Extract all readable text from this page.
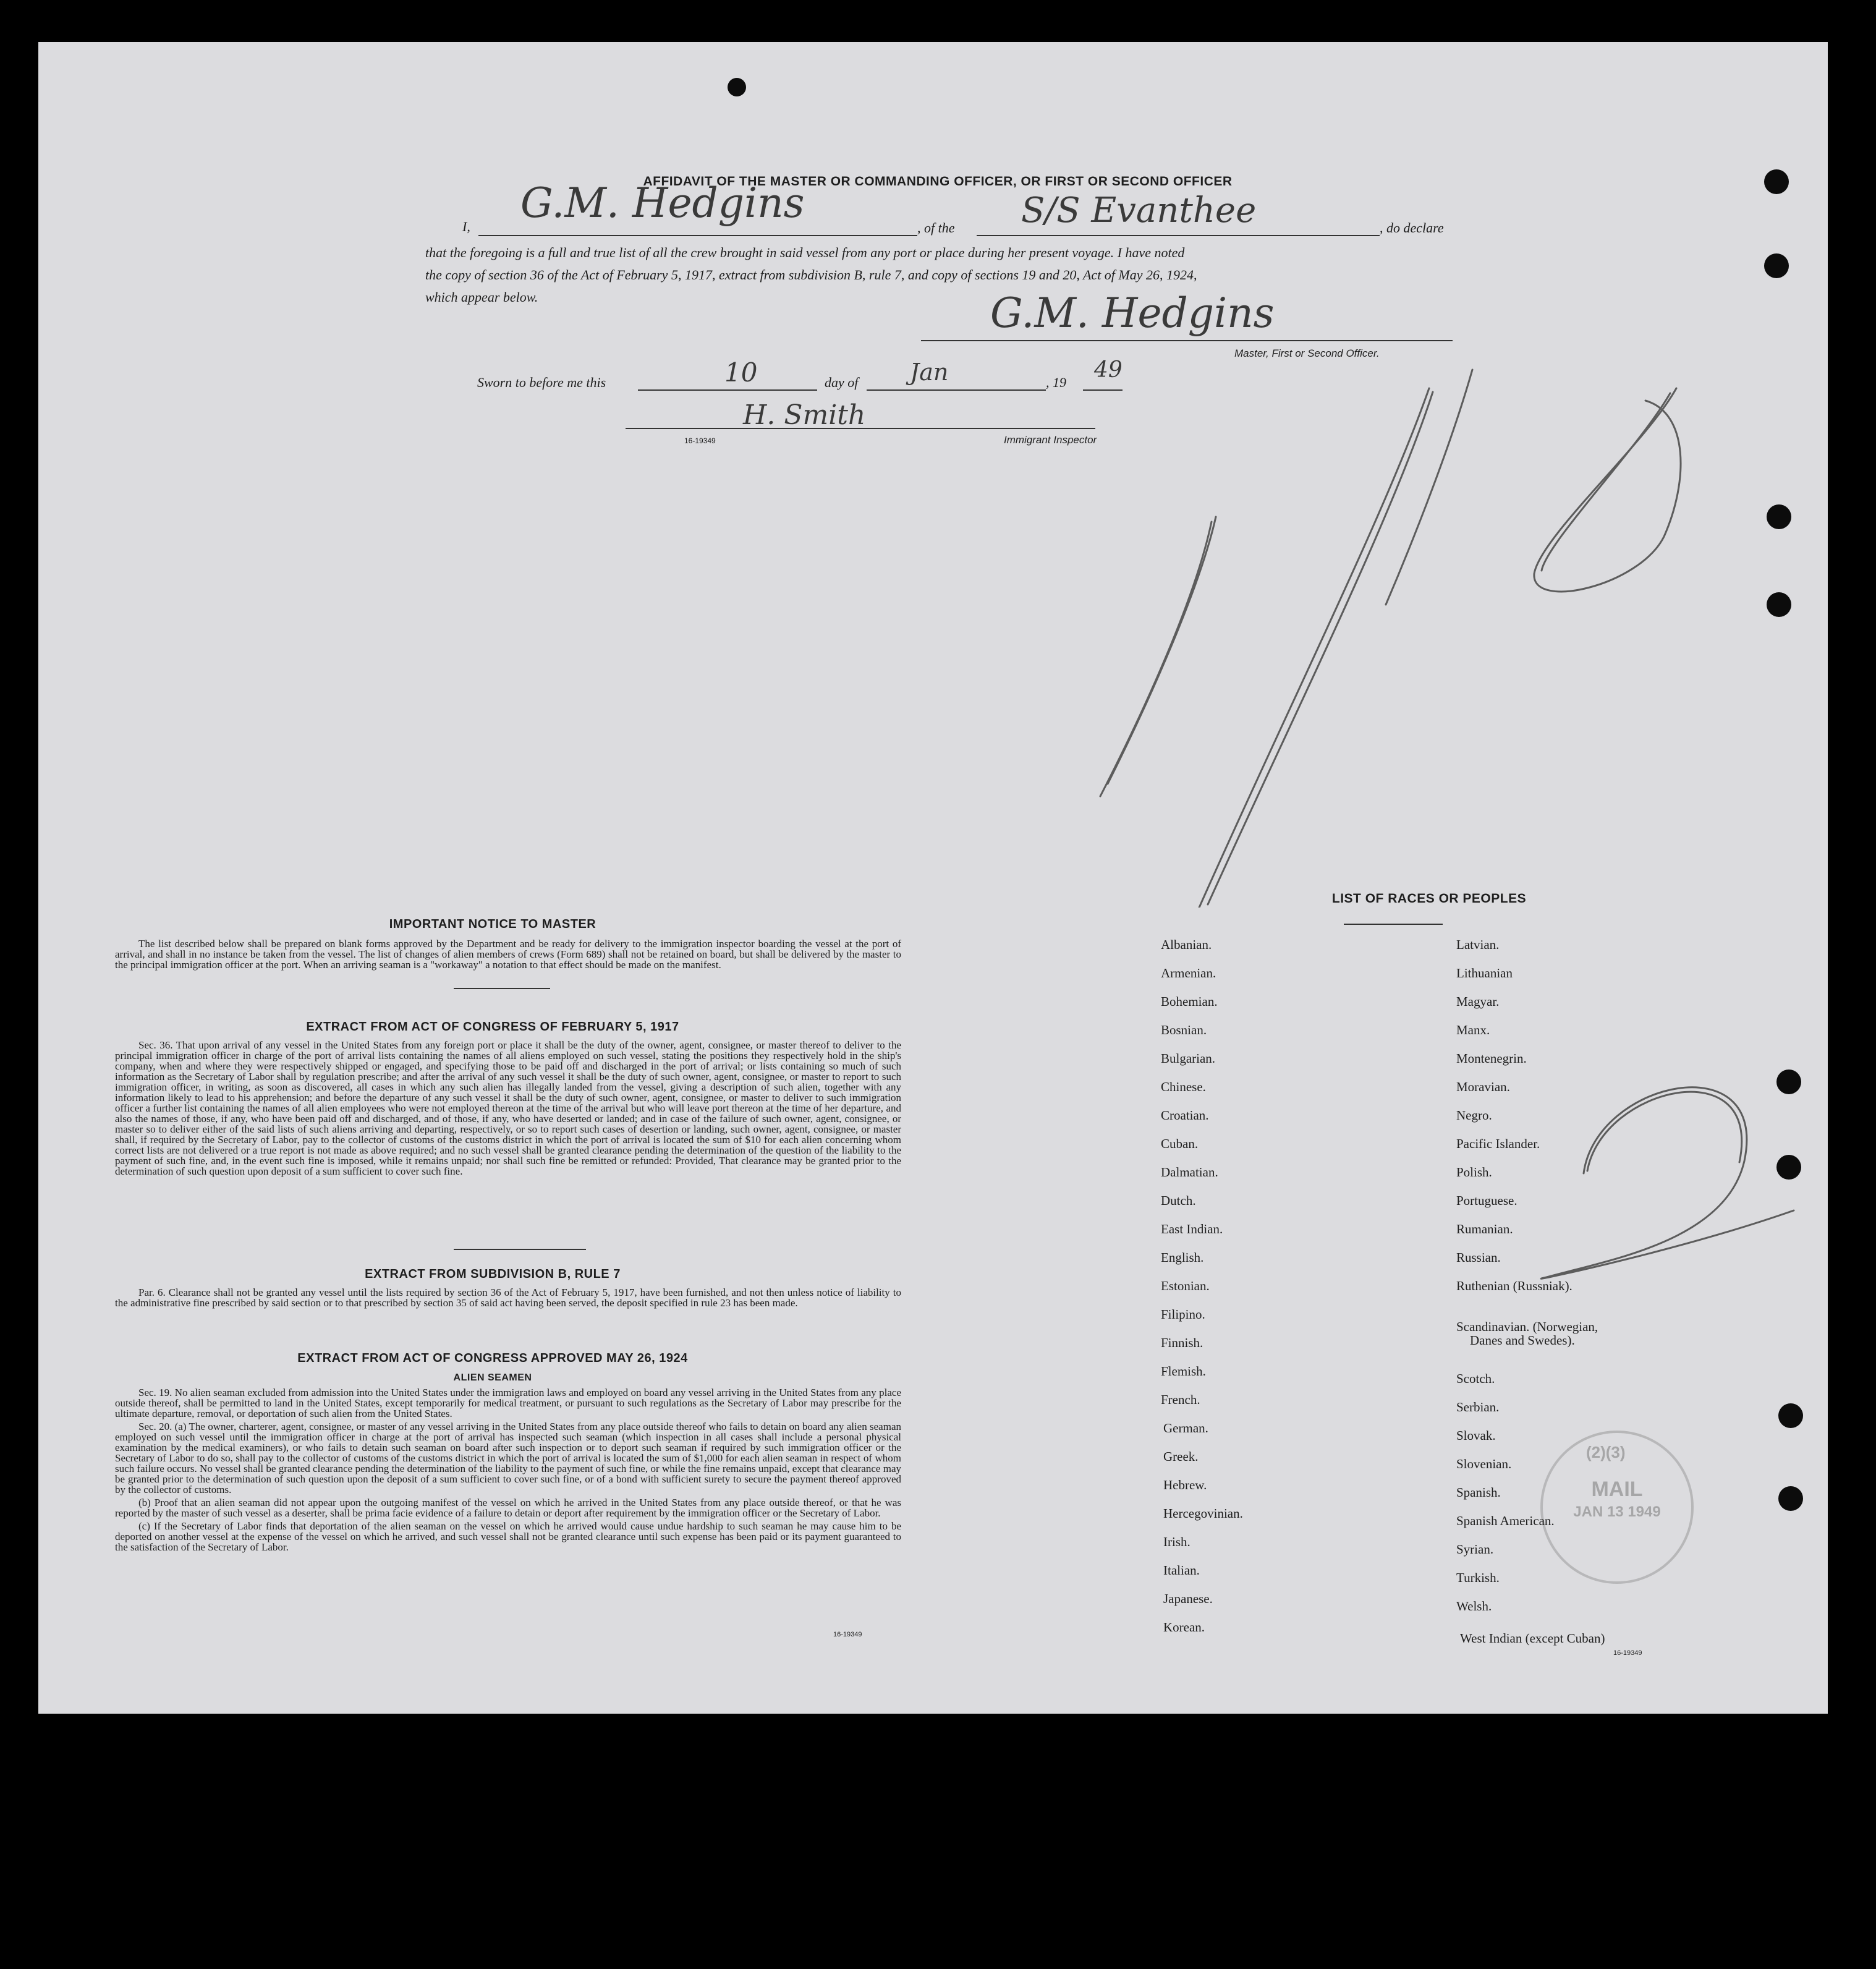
AFFIDAVIT OF THE MASTER OR COMMANDING OFFICER, OR FIRST OR SECOND OFFICER
I, G.M. Hedgins
, of the S/S Evanthee	, do declare
that the foregoing is a full and true list of all the crew brought in said vessel from any port or place during her present voyage. I have noted
the copy of section 36 of the Act of February 5, 1917, extract from subdivision B, rule 7, and copy of sections 19 and 20, Act of May 26, 1924,
which appear below.	G.M. Hedgins
Master, First or Second Officer.
Sworn to before me this	10	day of Jan	, 19 49
H. Smith
16-19349	Immigrant Inspector
IMPORTANT NOTICE TO MASTER

The list described below shall be prepared on blank forms approved by the Department and be ready for delivery to the immigration inspector boarding the vessel at the port of arrival, and shall in no instance be taken from the vessel. The list of changes of alien members of crews (Form 689) shall not be retained on board, but shall be delivered by the master to the principal immigration officer at the port. When an arriving seaman is a "workaway" a notation to that effect should be made on the manifest.

EXTRACT FROM ACT OF CONGRESS OF FEBRUARY 5, 1917

Sec. 36. That upon arrival of any vessel in the United States from any foreign port or place it shall be the duty of the owner, agent, consignee, or master thereof to deliver to the principal immigration officer in charge of the port of arrival lists containing the names of all aliens employed on such vessel, stating the positions they respectively hold in the ship's company, when and where they were respectively shipped or engaged, and specifying those to be paid off and discharged in the port of arrival; or lists containing so much of such information as the Secretary of Labor shall by regulation prescribe; and after the arrival of any such vessel it shall be the duty of such owner, agent, consignee, or master to report to such immigration officer, in writing, as soon as discovered, all cases in which any such alien has illegally landed from the vessel, giving a description of such alien, together with any information likely to lead to his apprehension; and before the departure of any such vessel it shall be the duty of such owner, agent, consignee, or master to deliver to such immigration officer a further list containing the names of all alien employees who were not employed thereon at the time of the arrival but who will leave port thereon at the time of her departure, and also the names of those, if any, who have been paid off and discharged, and of those, if any, who have deserted or landed; and in case of the failure of such owner, agent, consignee, or master so to deliver either of the said lists of such aliens arriving and departing, respectively, or so to report such cases of desertion or landing, such owner, agent, consignee, or master shall, if required by the Secretary of Labor, pay to the collector of customs of the customs district in which the port of arrival is located the sum of $10 for each alien concerning whom correct lists are not delivered or a true report is not made as above required; and no such vessel shall be granted clearance pending the determination of the question of the liability to the payment of such fine, and, in the event such fine is imposed, while it remains unpaid; nor shall such fine be remitted or refunded: Provided, That clearance may be granted prior to the determination of such question upon deposit of a sum sufficient to cover such fine.

EXTRACT FROM SUBDIVISION B, RULE 7

Par. 6. Clearance shall not be granted any vessel until the lists required by section 36 of the Act of February 5, 1917, have been furnished, and not then unless notice of liability to the administrative fine prescribed by said section or to that prescribed by section 35 of said act having been served, the deposit specified in rule 23 has been made.

EXTRACT FROM ACT OF CONGRESS APPROVED MAY 26, 1924
ALIEN SEAMEN

Sec. 19. No alien seaman excluded from admission into the United States under the immigration laws and employed on board any vessel arriving in the United States from any place outside thereof, shall be permitted to land in the United States, except temporarily for medical treatment, or pursuant to such regulations as the Secretary of Labor may prescribe for the ultimate departure, removal, or deportation of such alien from the United States.

Sec. 20. (a) The owner, charterer, agent, consignee, or master of any vessel arriving in the United States from any place outside thereof who fails to detain on board any alien seaman employed on such vessel until the immigration officer in charge at the port of arrival has inspected such seaman (which inspection in all cases shall include a personal physical examination by the medical examiners), or who fails to detain such seaman on board after such inspection or to deport such seaman if required by such immigration officer or the Secretary of Labor to do so, shall pay to the collector of customs of the customs district in which the port of arrival is located the sum of $1,000 for each alien seaman in respect of whom such failure occurs. No vessel shall be granted clearance pending the determination of the liability to the payment of such fine, or while the fine remains unpaid, except that clearance may be granted prior to the determination of such question upon the deposit of a sum sufficient to cover such fine, or of a bond with sufficient surety to secure the payment thereof approved by the collector of customs.

(b) Proof that an alien seaman did not appear upon the outgoing manifest of the vessel on which he arrived in the United States from any place outside thereof, or that he was reported by the master of such vessel as a deserter, shall be prima facie evidence of a failure to detain or deport after requirement by the immigration officer or the Secretary of Labor.

(c) If the Secretary of Labor finds that deportation of the alien seaman on the vessel on which he arrived would cause undue hardship to such seaman he may cause him to be deported on another vessel at the expense of the vessel on which he arrived, and such vessel shall not be granted clearance until such expense has been paid or its payment guaranteed to the satisfaction of the Secretary of Labor.

16-19349
LIST OF RACES OR PEOPLES
16-19349
(2)(3)
MAIL
JAN 13 1949
Albanian.
Armenian.
Bohemian.
Bosnian.
Bulgarian.
Chinese.
Croatian.
Cuban.
Dalmatian.
Dutch.
East Indian.
English.
Estonian.
Filipino.
Finnish.
Flemish.
French.
German.
Greek.
Hebrew.
Hercegovinian.
Irish.
Italian.
Japanese.
Korean.
Latvian.
Lithuanian
Magyar.
Manx.
Montenegrin.
Moravian.
Negro.
Pacific Islander.
Polish.
Portuguese.
Rumanian.
Russian.
Ruthenian (Russniak).
Scandinavian. (Norwegian,
Danes and Swedes).
Scotch.
Serbian.
Slovak.
Slovenian.
Spanish.
Spanish American.
Syrian.
Turkish.
Welsh.
West Indian (except Cuban)
